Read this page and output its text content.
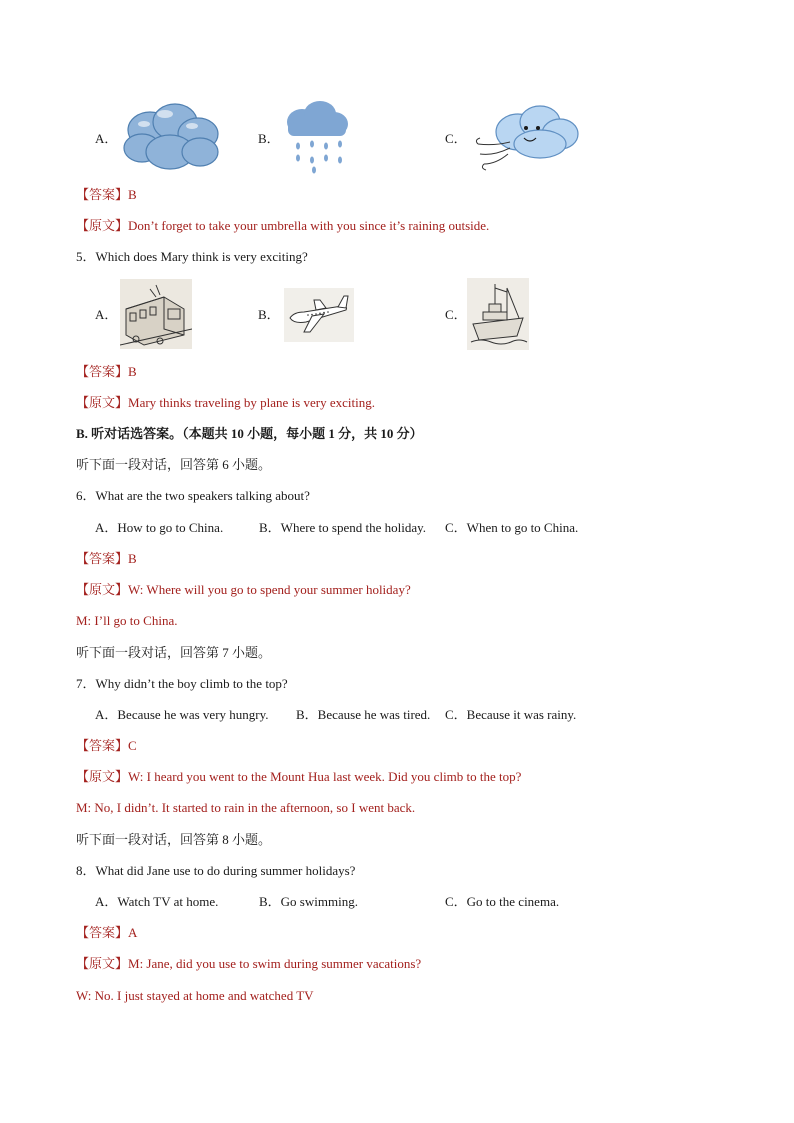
A．	B．	C．
【答案】B
【原文】Don’t forget to take your umbrella with you since it’s raining outside.
5．Which does Mary think is very exciting?
A．	B．	C．
【答案】B
【原文】Mary thinks traveling by plane is very exciting.
B. 听对话选答案。（本题共 10 小题，每小题 1 分，共 10 分）
听下面一段对话，回答第 6 小题。
6．What are the two speakers talking about?
A．How to go to China.	B．Where to spend the holiday. C．When to go to China.
【答案】B
【原文】W: Where will you go to spend your summer holiday?
M: I’ll go to China.
听下面一段对话，回答第 7 小题。
7．Why didn’t the boy climb to the top?
A．Because he was very hungry. B．Because he was tired. C．Because it was rainy.
【答案】C
【原文】W: I heard you went to the Mount Hua last week. Did you climb to the top?
M: No, I didn’t. It started to rain in the afternoon, so I went back.
听下面一段对话，回答第 8 小题。
8．What did Jane use to do during summer holidays?
A．Watch TV at home.	B．Go swimming.	C．Go to the cinema.
【答案】A
【原文】M: Jane, did you use to swim during summer vacations?
W: No. I just stayed at home and watched TV
